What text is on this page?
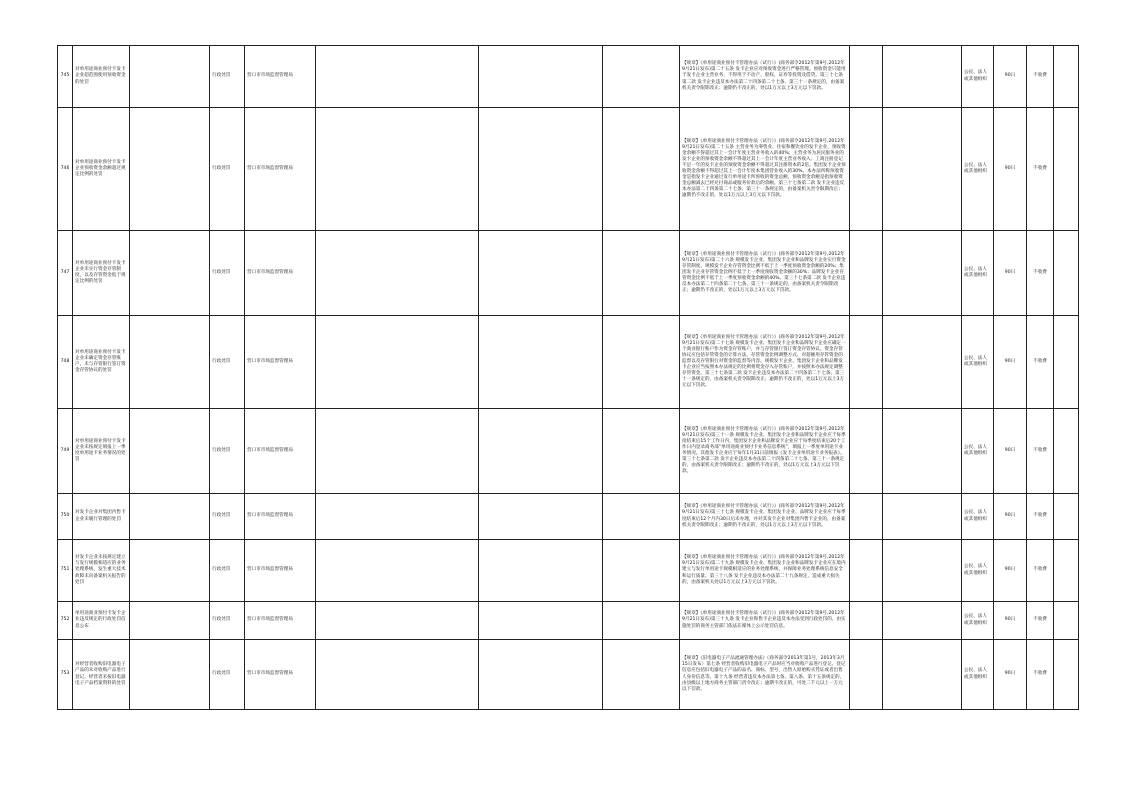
745	对单用途商业预付卡发卡企业超范围使用预收资金的处罚		行政处罚	营口市市场监督管理局				【规章】《单用途商业预付卡管理办法（试行）》(商务部令2012年第9号,2012年9月21日发布)第二十五条 发卡企业应对预收资金进行严格管理。预收资金只能用于发卡企业主营业务，不得用于不动产、股权、证券等投资及借贷。第三十七条第二款 发卡企业违反本办法第二十四条第二十七条、第三十一条规定的，由备案机关责令限期改正；逾期仍不改正的，处以1万元以上3万元以下罚款。			公民、法人或其他组织	90日	不收费	
746	对单用途商业预付卡发卡企业预收资金余额超过规定比例的处罚		行政处罚	营口市市场监督管理局				【规章】《单用途商业预付卡管理办法（试行）》(商务部令2012年第9号,2012年9月21日发布)第二十五条 主营业务为零售业、住宿和餐饮业的发卡企业，预收资金余额不得超过其上一会计年度主营业务收入的40%；主营业务为居民服务业的发卡企业的预收资金余额不得超过其上一会计年度主营业务收入；工商注册登记不足一年的发卡企业的预收资金余额不得超过其注册资本的2倍。集团发卡企业预收资金余额不得超过其上一会计年度本集团营业收入的30%。本办法所称预收资金是指发卡企业通过发行单用途卡所预收的资金总额，预收资金余额是指预收资金总额减去已经兑付商品或服务价款后的余额。第三十七条第二款 发卡企业违反本办法第二十四条第二十七条、第三十一条规定的，由备案机关责令限期改正；逾期仍不改正的，处以1万元以上3万元以下罚款。			公民、法人或其他组织	90日	不收费	
747	对单用途商业预付卡发卡企业未实行资金存管制度，以及存管资金低于规定比例的处罚		行政处罚	营口市市场监督管理局				【规章】《单用途商业预付卡管理办法（试行）》(商务部令2012年第9号,2012年9月21日发布)第二十六条 规模发卡企业、集团发卡企业和品牌发卡企业实行资金存管制度。规模发卡企业存管资金比例不低于上一季度预收资金余额的20%；集团发卡企业存管资金比例不低于上一季度预收资金余额的30%；品牌发卡企业存管资金比例不低于上一季度预收资金余额的40%。第三十七条第二款 发卡企业违反本办法第二十四条第二十七条、第三十一条规定的，由备案机关责令限期改正；逾期仍不改正的，处以1万元以上3万元以下罚款。			公民、法人或其他组织	90日	不收费	
748	对单用途商业预付卡发卡企业未确定资金存管账户、未与存管银行签订资金存管协议的处罚		行政处罚	营口市市场监督管理局				【规章】《单用途商业预付卡管理办法（试行）》(商务部令2012年第9号,2012年9月21日发布)第二十七条 规模发卡企业、集团发卡企业和品牌发卡企业应确定一个商业银行账户作为资金存管账户，并与存管银行签订资金存管协议。资金存管协议应包括存管资金的计算方法、存管资金比例调整方式、对超额用存管资金的监督以及存管银行对资金的监督等内容。规模发卡企业、集团发卡企业和品牌发卡企业应当按照本办法规定的比例将资金存入存管账户，并按照本办法规定调整存管资金。第三十七条第二款 发卡企业违反本办法第二十四条第二十七条、第三十一条规定的，由备案机关责令限期改正；逾期仍不改正的，处以1万元以上3万元以下罚款。			公民、法人或其他组织	90日	不收费	
749	对单用途商业预付卡发卡企业未按规定填报上一季度单用途卡业务情况的处罚		行政处罚	营口市市场监督管理局				【规章】《单用途商业预付卡管理办法（试行）》(商务部令2012年第9号,2012年9月21日发布)第三十一条 规模发卡企业、集团发卡企业和品牌发卡企业应于每季度结束后15个工作日内，集团发卡企业和品牌发卡企业应于每季度结束后20个工作日内登录商务部“单用途商业预付卡业务信息系统”，填报上一季度单用途卡业务情况。其他发卡企业应于每年1月31日前填报《发卡企业单用途卡业务报表》。第三十七条第二款 发卡企业违反本办法第二十四条第二十七条、第三十一条规定的，由备案机关责令限期改正；逾期仍不改正的，处以1万元以上3万元以下罚款。			公民、法人或其他组织	90日	不收费	
750	对发卡企业对集团内售卡企业未履行管理的处罚		行政处罚	营口市市场监督管理局				【规章】《单用途商业预付卡管理办法（试行）》(商务部令2012年第9号,2012年9月21日发布)第三十七条 规模发卡企业、集团发卡企业、品牌发卡企业应于每季度结束后12个月内30日后未办理，并对其发卡企业对集团内售卡企业的，由备案机关责令限期改正；逾期仍不改正的，处以1万元以上3万元以下罚款。			公民、法人或其他组织	90日	不收费	
751	对发卡企业未按规定建立与发行规模相适应的业务处理系统，发生重大技术故障未向备案机关报告的处罚		行政处罚	营口市市场监督管理局				【规章】《单用途商业预付卡管理办法（试行）》(商务部令2012年第9号,2012年9月21日发布)第二十九条 规模发卡企业、集团发卡企业和品牌发卡企业应在境内建立与发行单用途卡规模相适应的业务处理系统，并保障业务处理系统信息安全和运行质量。第三十八条 发卡企业违反本办法第二十九条规定，造成重大损失的，由备案机关处以1万元以上3万元以下罚款。			公民、法人或其他组织	90日	不收费	
752	单用途商业预付卡发卡企业违反规定的行政处罚信息公布		行政处罚	营口市市场监督管理局				【规章】《单用途商业预付卡管理办法（试行）》(商务部令2012年第9号,2012年9月21日发布)第三十九条 发卡企业和售卡企业违反本办法受到行政处罚的，由实施处罚的商务主管部门依法在媒体上公示处罚信息。			公民、法人或其他组织	90日	不收费	
753	对经营者收购旧电器电子产品的未对收购产品进行登记、经营者未按旧电器电子产品档案资料的处罚		行政处罚	营口市市场监督管理局				【规章】《旧电器电子产品流通管理办法》（商务部令2013年第1号，2013年3月15日发布）第七条 经营者收购旧电器电子产品时应当对收购产品进行登记。登记信息应包括旧电器电子产品的品名、商标、型号，出售人原始购买凭证或者出售人身份信息等。第十九条 经营者违反本办法第七条、第八条、第十五条规定的，由县级以上地方商务主管部门责令改正；逾期不改正的，可处二千元以上一万元以下罚款。			公民、法人或其他组织	90日	不收费	
